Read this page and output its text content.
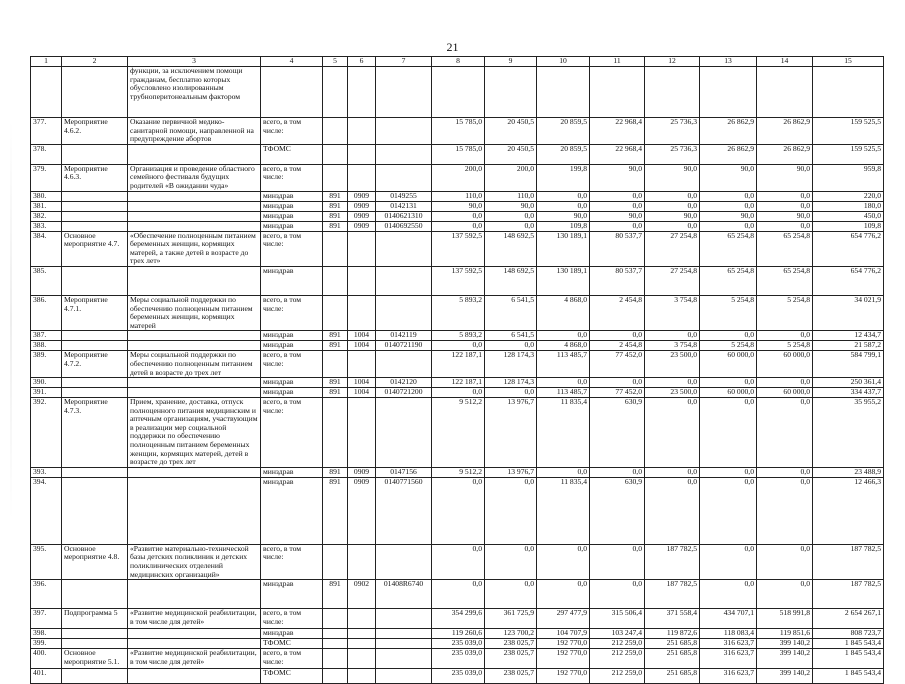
21
1	2	3	4	5	6	7	8	9	10	11	12	13	14	15
		функции, за исключением помощи гражданам, бесплатно которых обусловлено изолированным трубноперитонеальным фактором												
377.	Мероприятие 4.6.2.	Оказание первичной медико-санитарной помощи, направленной на предупреждение абортов	всего, в том числе:				15 785,0	20 450,5	20 859,5	22 968,4	25 736,3	26 862,9	26 862,9	159 525,5
378.			ТФОМС				15 785,0	20 450,5	20 859,5	22 968,4	25 736,3	26 862,9	26 862,9	159 525,5
379.	Мероприятие 4.6.3.	Организация и проведение областного семейного фестиваля будущих родителей «В ожидании чуда»	всего, в том числе:				200,0	200,0	199,8	90,0	90,0	90,0	90,0	959,8
380.			минздрав	891	0909	0149255	110,0	110,0	0,0	0,0	0,0	0,0	0,0	220,0
381.			минздрав	891	0909	0142131	90,0	90,0	0,0	0,0	0,0	0,0	0,0	180,0
382.			минздрав	891	0909	0140621310	0,0	0,0	90,0	90,0	90,0	90,0	90,0	450,0
383.			минздрав	891	0909	0140692550	0,0	0,0	109,8	0,0	0,0	0,0	0,0	109,8
384.	Основное мероприятие 4.7.	«Обеспечение полноценным питанием беременных женщин, кормящих матерей, а также детей в возрасте до трех лет»	всего, в том числе:				137 592,5	148 692,5	130 189,1	80 537,7	27 254,8	65 254,8	65 254,8	654 776,2
385.			минздрав				137 592,5	148 692,5	130 189,1	80 537,7	27 254,8	65 254,8	65 254,8	654 776,2
386.	Мероприятие 4.7.1.	Меры социальной поддержки по обеспечению полноценным питанием беременных женщин, кормящих матерей	всего, в том числе:				5 893,2	6 541,5	4 868,0	2 454,8	3 754,8	5 254,8	5 254,8	34 021,9
387.			минздрав	891	1004	0142119	5 893,2	6 541,5	0,0	0,0	0,0	0,0	0,0	12 434,7
388.			минздрав	891	1004	0140721190	0,0	0,0	4 868,0	2 454,8	3 754,8	5 254,8	5 254,8	21 587,2
389.	Мероприятие 4.7.2.	Меры социальной поддержки по обеспечению полноценным питанием детей в возрасте до трех лет	всего, в том числе:				122 187,1	128 174,3	113 485,7	77 452,0	23 500,0	60 000,0	60 000,0	584 799,1
390.			минздрав	891	1004	0142120	122 187,1	128 174,3	0,0	0,0	0,0	0,0	0,0	250 361,4
391.			минздрав	891	1004	0140721200	0,0	0,0	113 485,7	77 452,0	23 500,0	60 000,0	60 000,0	334 437,7
392.	Мероприятие 4.7.3.	Прием, хранение, доставка, отпуск полноценного питания медицинским и аптечным организациям, участвующим в реализации мер социальной поддержки по обеспечению полноценным питанием беременных женщин, кормящих матерей, детей в возрасте до трех лет	всего, в том числе:				9 512,2	13 976,7	11 835,4	630,9	0,0	0,0	0,0	35 955,2
393.			минздрав	891	0909	0147156	9 512,2	13 976,7	0,0	0,0	0,0	0,0	0,0	23 488,9
394.			минздрав	891	0909	0140771560	0,0	0,0	11 835,4	630,9	0,0	0,0	0,0	12 466,3
395.	Основное мероприятие 4.8.	«Развитие материально-технической базы детских поликлиник и детских поликлинических отделений медицинских организаций»	всего, в том числе:				0,0	0,0	0,0	0,0	187 782,5	0,0	0,0	187 782,5
396.			минздрав	891	0902	01408R6740	0,0	0,0	0,0	0,0	187 782,5	0,0	0,0	187 782,5
397.	Подпрограмма 5	«Развитие медицинской реабилитации, в том числе для детей»	всего, в том числе:				354 299,6	361 725,9	297 477,9	315 506,4	371 558,4	434 707,1	518 991,8	2 654 267,1
398.			минздрав				119 260,6	123 700,2	104 707,9	103 247,4	119 872,6	118 083,4	119 851,6	808 723,7
399.			ТФОМС				235 039,0	238 025,7	192 770,0	212 259,0	251 685,8	316 623,7	399 140,2	1 845 543,4
400.	Основное мероприятие 5.1.	«Развитие медицинской реабилитации, в том числе для детей»	всего, в том числе:				235 039,0	238 025,7	192 770,0	212 259,0	251 685,8	316 623,7	399 140,2	1 845 543,4
401.			ТФОМС				235 039,0	238 025,7	192 770,0	212 259,0	251 685,8	316 623,7	399 140,2	1 845 543,4
